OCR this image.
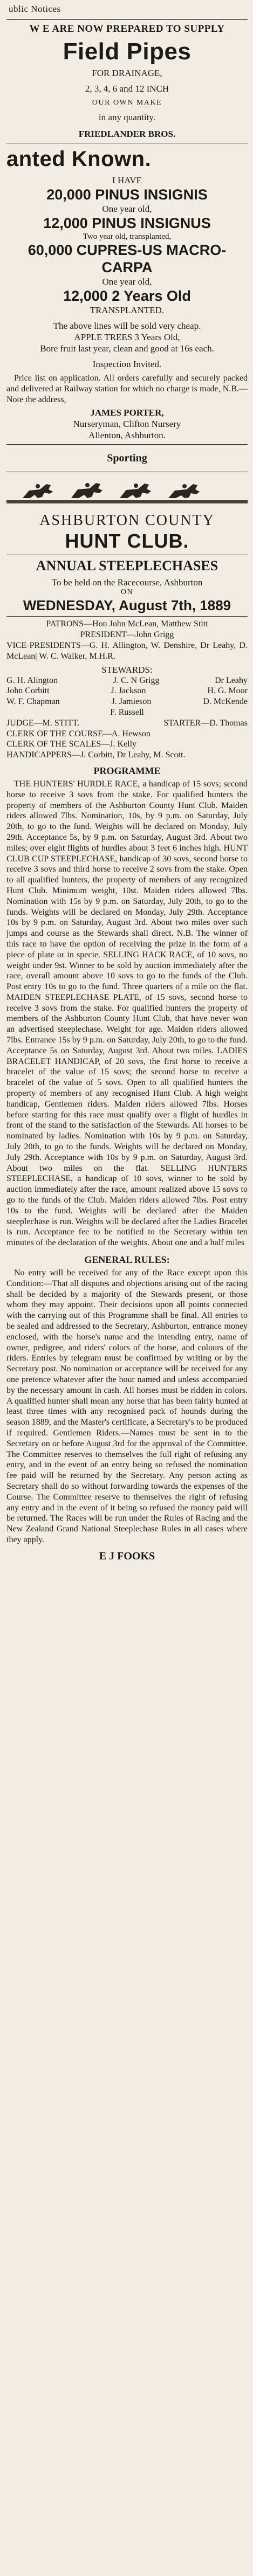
ublic Notices
W E ARE NOW PREPARED TO SUPPLY
Field Pipes
FOR DRAINAGE,
2, 3, 4, 6 and 12 INCH
OUR OWN MAKE
in any quantity.
FRIEDLANDER BROS.
anted Known.
I HAVE
20,000 PINUS INSIGNIS
One year old,
12,000 PINUS INSIGNUS
Two year old, transplanted,
60,000 CUPRES-US MACRO-
CARPA
One year old,
12,000 2 Years Old
TRANSPLANTED.
The above lines will be sold very cheap.
APPLE TREES 3 Years Old,
Bore fruit last year, clean and good at 16s each.
Inspection Invited.

Price list on application. All orders carefully and securely packed and delivered at Railway station for which no charge is made, N.B.—Note the address,

JAMES PORTER,
Nurseryman, Clifton Nursery
Allenton, Ashburton.
Sporting
ASHBURTON COUNTY
HUNT CLUB.
ANNUAL STEEPLECHASES
To be held on the Racecourse, Ashburton
ON
WEDNESDAY, August 7th, 1889

PATRONS—Hon John McLean, Matthew Stitt

PRESIDENT—John Grigg

VICE-PRESIDENTS—G. H. Allington, W. Denshire, Dr Leahy, D. McLean| W. C. Walker, M.H.R.

STEWARDS:
G. H. Alington	J. C. N Grigg	Dr Leahy
John Corbitt	J. Jackson	H. G. Moor
W. F. Chapman	J. Jamieson	D. McKende
F. Russell
JUDGE—M. STITT.	STARTER—D. Thomas

CLERK OF THE COURSE—A. Hewson

CLERK OF THE SCALES—J. Kelly

HANDICAPPERS—J. Corbitt, Dr Leahy, M. Scott.

PROGRAMME

THE HUNTERS' HURDLE RACE, a handicap of 15 sovs; second horse to receive 3 sovs from the stake. For qualified hunters the property of members of the Ashburton County Hunt Club. Maiden riders allowed 7lbs. Nomination, 10s, by 9 p.m. on Saturday, July 20th, to go to the fund. Weights will be declared on Monday, July 29th. Acceptance 5s, by 9 p.m. on Saturday, August 3rd. About two miles; over eight flights of hurdles about 3 feet 6 inches high. HUNT CLUB CUP STEEPLECHASE, handicap of 30 sovs, second horse to receive 3 sovs and third horse to receive 2 sovs from the stake. Open to all qualified hunters, the property of members of any recognized Hunt Club. Minimum weight, 10st. Maiden riders allowed 7lbs. Nomination with 15s by 9 p.m. on Saturday, July 20th, to go to the funds. Weights will be declared on Monday, July 29th. Acceptance 10s by 9 p.m. on Saturday, August 3rd. About two miles over such jumps and course as the Stewards shall direct. N.B. The winner of this race to have the option of receiving the prize in the form of a piece of plate or in specie. SELLING HACK RACE, of 10 sovs, no weight under 9st. Winner to be sold by auction immediately after the race, overall amount above 10 sovs to go to the funds of the Club. Post entry 10s to go to the fund. Three quarters of a mile on the flat. MAIDEN STEEPLECHASE PLATE, of 15 sovs, second horse to receive 3 sovs from the stake. For qualified hunters the property of members of the Ashburton County Hunt Club, that have never won an advertised steeplechase. Weight for age. Maiden riders allowed 7lbs. Entrance 15s by 9 p.m. on Saturday, July 20th, to go to the fund. Acceptance 5s on Saturday, August 3rd. About two miles. LADIES BRACELET HANDICAP, of 20 sovs, the first horse to receive a bracelet of the value of 15 sovs; the second horse to receive a bracelet of the value of 5 sovs. Open to all qualified hunters the property of members of any recognised Hunt Club. A high weight handicap, Gentlemen riders. Maiden riders allowed 7lbs. Horses before starting for this race must qualify over a flight of hurdles in front of the stand to the satisfaction of the Stewards. All horses to be nominated by ladies. Nomination with 10s by 9 p.m. on Saturday, July 20th, to go to the funds. Weights will be declared on Monday, July 29th. Acceptance with 10s by 9 p.m. on Saturday, August 3rd. About two miles on the flat. SELLING HUNTERS STEEPLECHASE, a handicap of 10 sovs, winner to be sold by auction immediately after the race, amount realized above 15 sovs to go to the funds of the Club. Maiden riders allowed 7lbs. Post entry 10s to the fund. Weights will be declared after the Maiden steeplechase is run. Weights will be declared after the Ladies Bracelet is run. Acceptance fee to be notified to the Secretary within ten minutes of the declaration of the weights. About one and a half miles

GENERAL RULES:

No entry will be received for any of the Race except upon this Condition:—That all disputes and objections arising out of the racing shall be decided by a majority of the Stewards present, or those whom they may appoint. Their decisions upon all points connected with the carrying out of this Programme shall be final. All entries to be sealed and addressed to the Secretary, Ashburton, entrance money enclosed, with the horse's name and the intending entry, name of owner, pedigree, and riders' colors of the horse, and colours of the riders. Entries by telegram must be confirmed by writing or by the Secretary post. No nomination or acceptance will be received for any one pretence whatever after the hour named and unless accompanied by the necessary amount in cash. All horses must be ridden in colors. A qualified hunter shall mean any horse that has been fairly hunted at least three times with any recognised pack of hounds during the season 1889, and the Master's certificate, a Secretary's to be produced if required. Gentlemen Riders.—Names must be sent in to the Secretary on or before August 3rd for the approval of the Committee. The Committee reserves to themselves the full right of refusing any entry, and in the event of an entry being so refused the nomination fee paid will be returned by the Secretary. Any person acting as Secretary shall do so without forwarding towards the expenses of the Course. The Committee reserve to themselves the right of refusing any entry and in the event of it being so refused the money paid will be returned. The Races will be run under the Rules of Racing and the New Zealand Grand National Steeplechase Rules in all cases where they apply.

E J FOOKS
